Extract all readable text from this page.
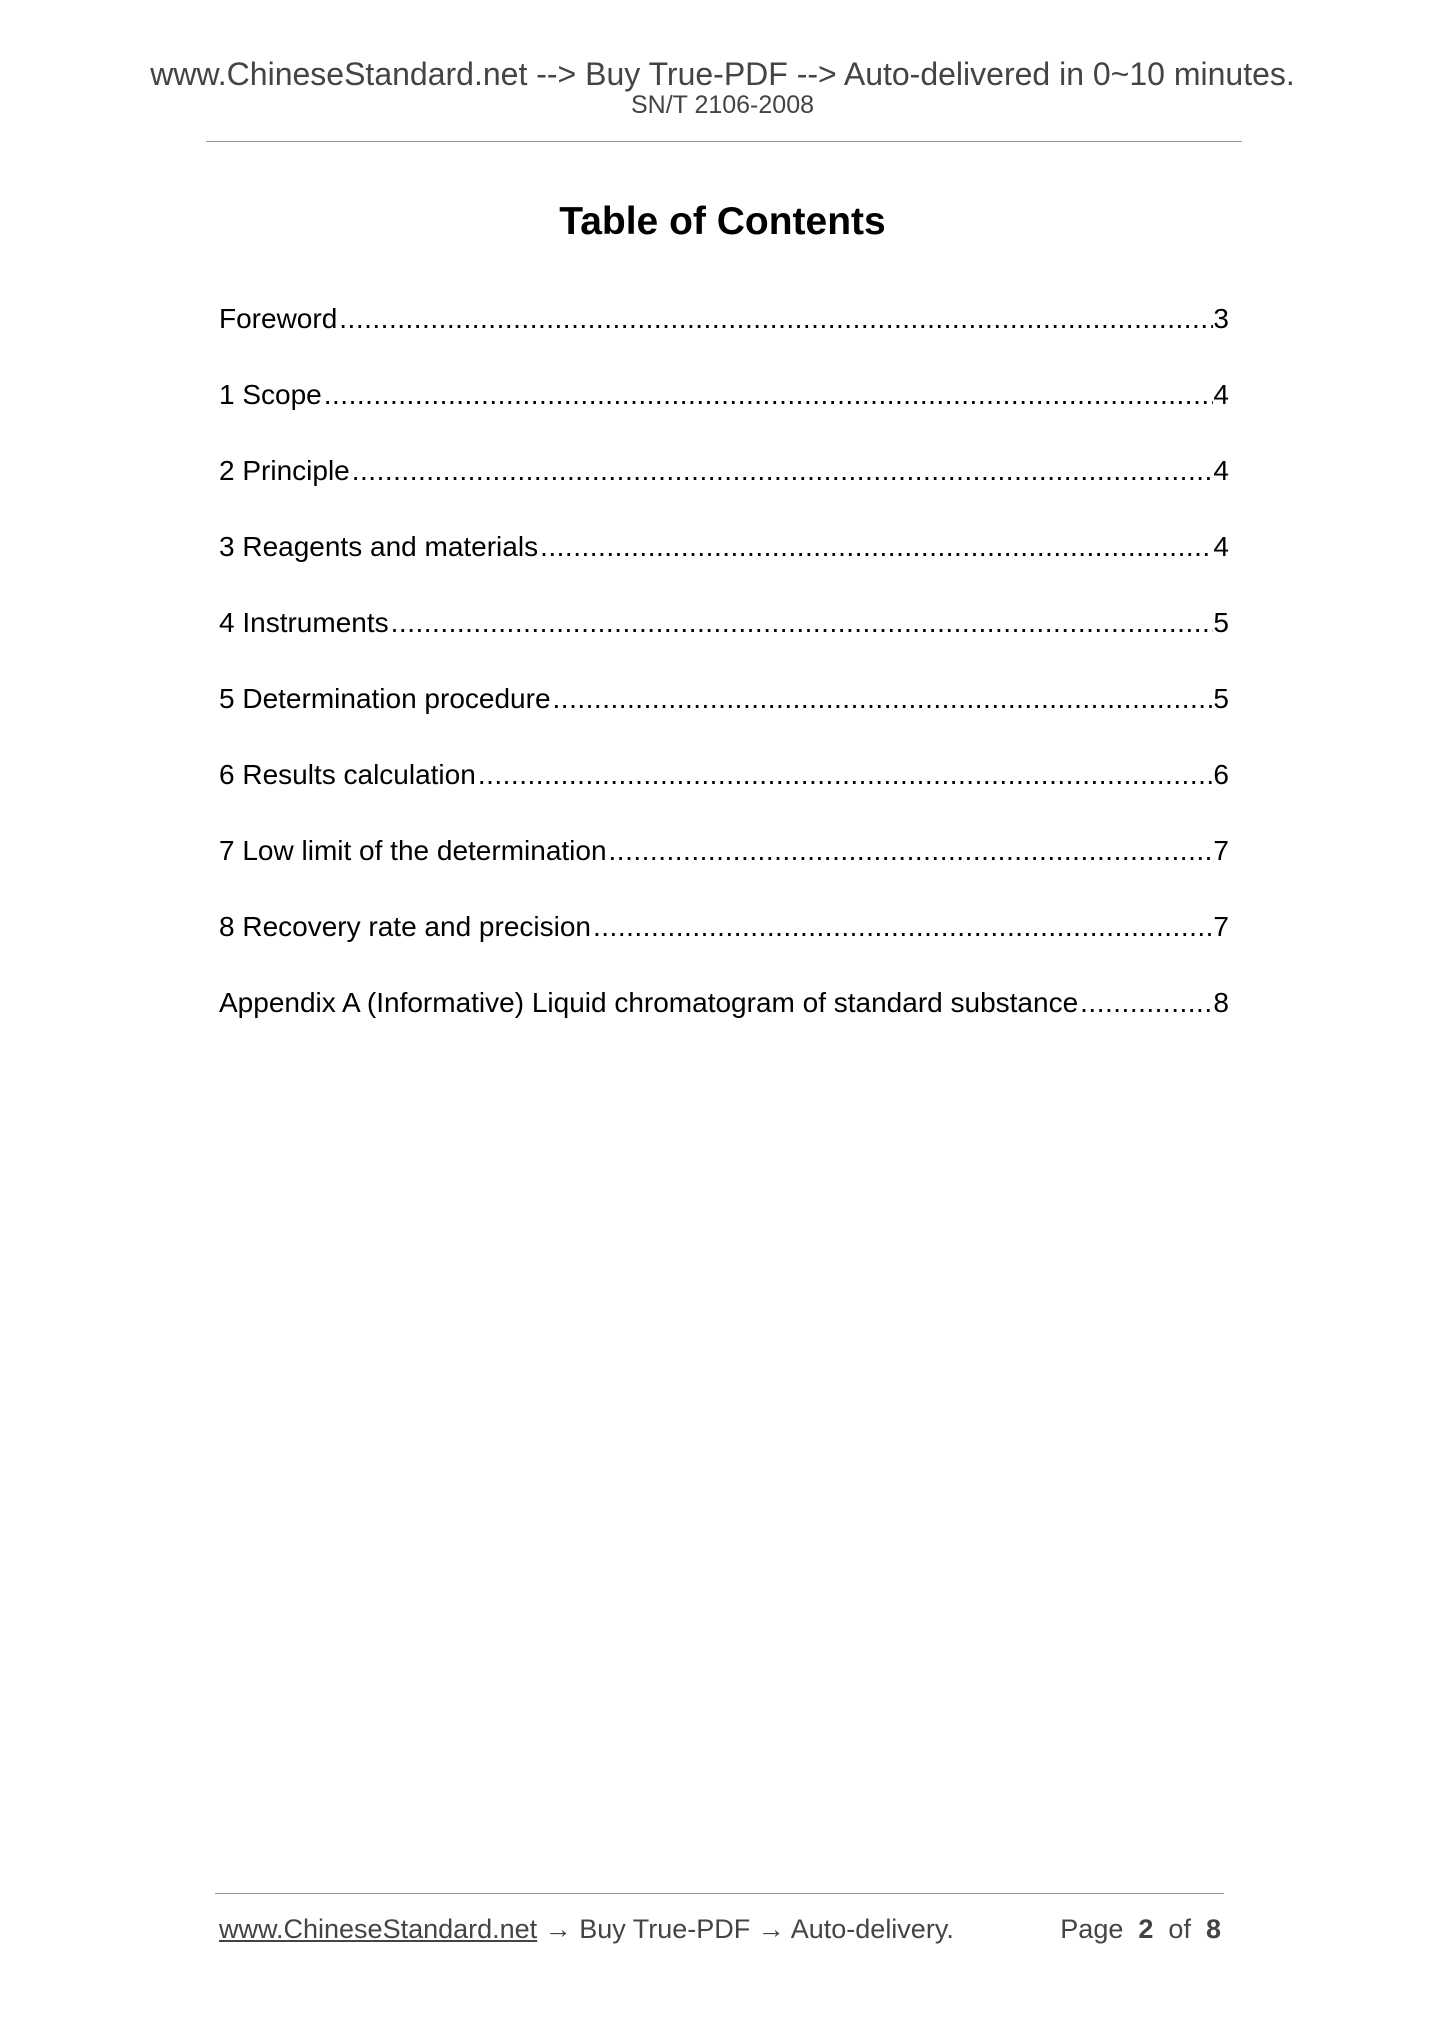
www.ChineseStandard.net --> Buy True-PDF --> Auto-delivered in 0~10 minutes.
SN/T 2106-2008
Table of Contents
Foreword .....	3
1 Scope .....	4
2 Principle .....	4
3 Reagents and materials .....	4
4 Instruments .....	5
5 Determination procedure .....	5
6 Results calculation .....	6
7 Low limit of the determination .....	7
8 Recovery rate and precision .....	7
Appendix A (Informative) Liquid chromatogram of standard substance .....	8
www.ChineseStandard.net → Buy True-PDF → Auto-delivery.	Page 2 of 8
